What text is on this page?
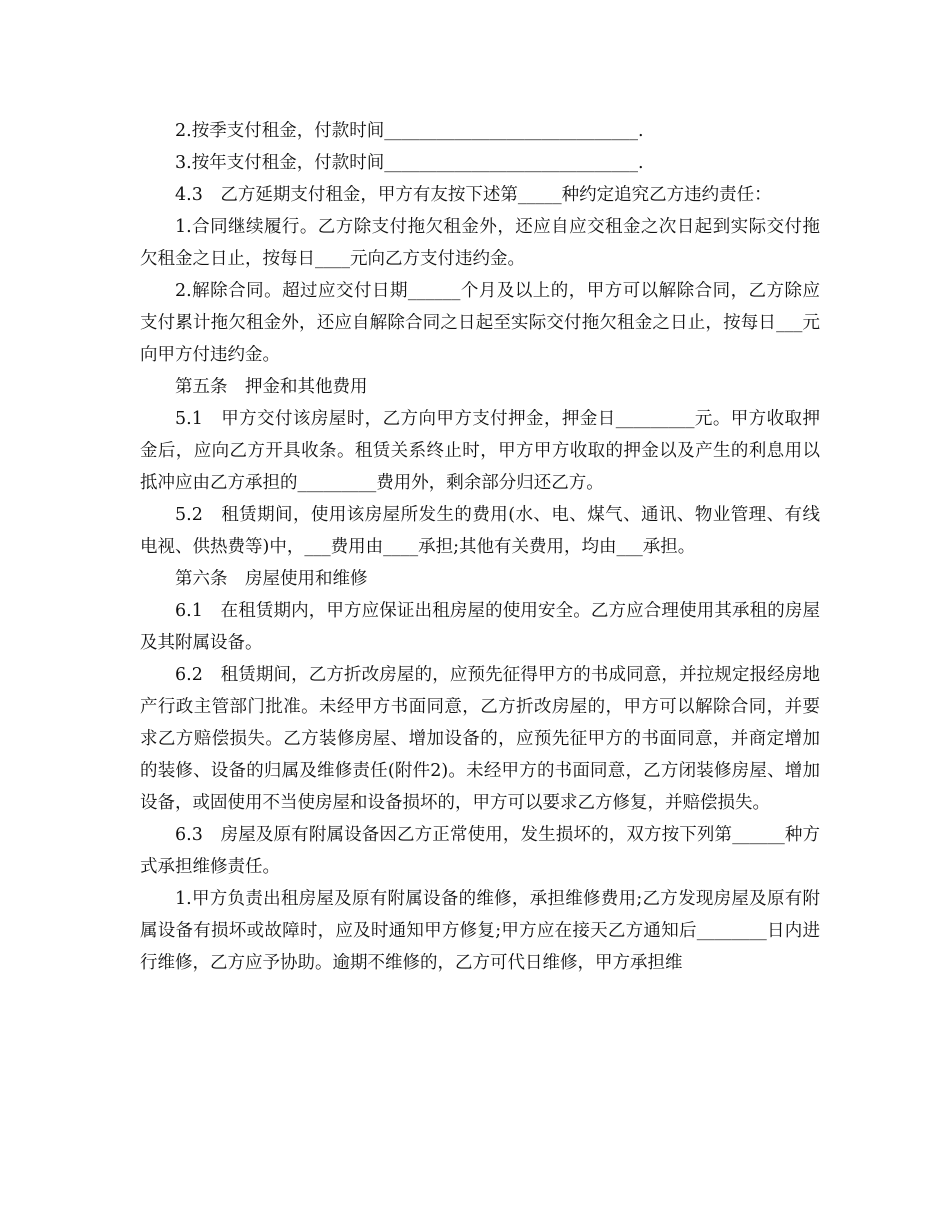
2.按季支付租金，付款时间_____________________________.

3.按年支付租金，付款时间_____________________________.

4.3　乙方延期支付租金，甲方有友按下述第_____种约定追究乙方违约责任：

1.合同继续履行。乙方除支付拖欠租金外，还应自应交租金之次日起到实际交付拖欠租金之日止，按每日____元向乙方支付违约金。

2.解除合同。超过应交付日期______个月及以上的，甲方可以解除合同，乙方除应支付累计拖欠租金外，还应自解除合同之日起至实际交付拖欠租金之日止，按每日___元向甲方付违约金。

第五条　押金和其他费用

5.1　甲方交付该房屋时，乙方向甲方支付押金，押金日_________元。甲方收取押金后，应向乙方开具收条。租赁关系终止时，甲方甲方收取的押金以及产生的利息用以抵冲应由乙方承担的_________费用外，剩余部分归还乙方。

5.2　租赁期间，使用该房屋所发生的费用(水、电、煤气、通讯、物业管理、有线电视、供热费等)中，___费用由____承担;其他有关费用，均由___承担。

第六条　房屋使用和维修

6.1　在租赁期内，甲方应保证出租房屋的使用安全。乙方应合理使用其承租的房屋及其附属设备。

6.2　租赁期间，乙方折改房屋的，应预先征得甲方的书成同意，并拉规定报经房地产行政主管部门批准。未经甲方书面同意，乙方折改房屋的，甲方可以解除合同，并要求乙方赔偿损失。乙方装修房屋、增加设备的，应预先征甲方的书面同意，并商定增加的装修、设备的归属及维修责任(附件2)。未经甲方的书面同意，乙方闭装修房屋、增加设备，或固使用不当使房屋和设备损坏的，甲方可以要求乙方修复，并赔偿损失。

6.3　房屋及原有附属设备因乙方正常使用，发生损坏的，双方按下列第______种方式承担维修责任。

1.甲方负责出租房屋及原有附属设备的维修，承担维修费用;乙方发现房屋及原有附属设备有损坏或故障时，应及时通知甲方修复;甲方应在接天乙方通知后________日内进行维修，乙方应予协助。逾期不维修的，乙方可代日维修，甲方承担维
